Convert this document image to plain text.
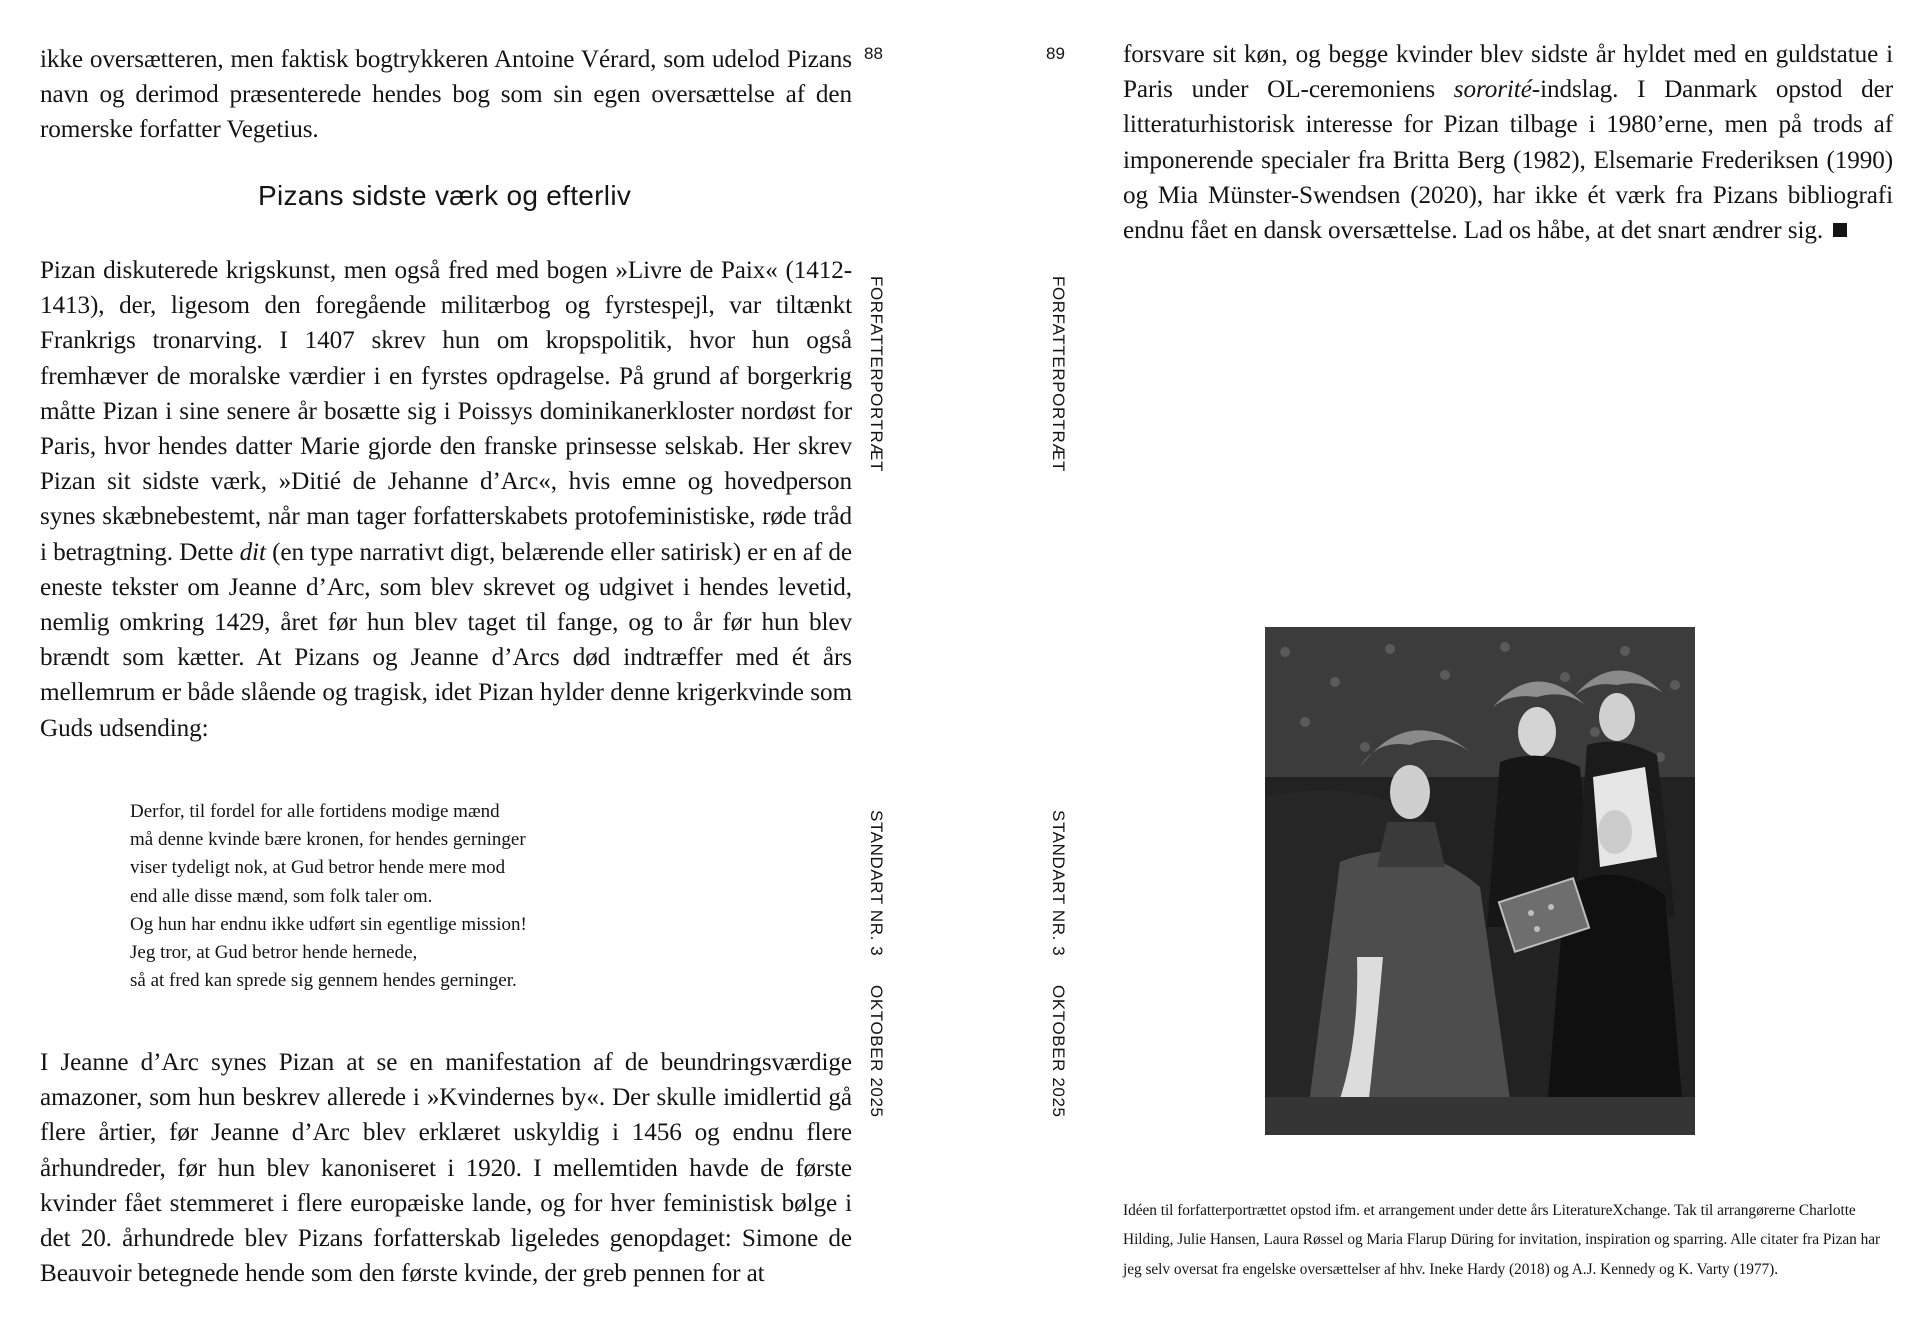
ikke oversætteren, men faktisk bogtrykkeren Antoine Vérard, som udelod Pizans navn og derimod præsenterede hendes bog som sin egen oversættelse af den romerske forfatter Vegetius.

Pizans sidste værk og efterliv

Pizan diskuterede krigskunst, men også fred med bogen »Livre de Paix« (1412-1413), der, ligesom den foregående militærbog og fyrstespejl, var tiltænkt Frankrigs tronarving. I 1407 skrev hun om kropspolitik, hvor hun også fremhæver de moralske værdier i en fyrstes opdragelse. På grund af borgerkrig måtte Pizan i sine senere år bosætte sig i Poissys dominikanerkloster nordøst for Paris, hvor hendes datter Marie gjorde den franske prinsesse selskab. Her skrev Pizan sit sidste værk, »Ditié de Jehanne d’Arc«, hvis emne og hovedperson synes skæbnebestemt, når man tager forfatterskabets protofeministiske, røde tråd i betragtning. Dette dit (en type narrativt digt, belærende eller satirisk) er en af de eneste tekster om Jeanne d’Arc, som blev skrevet og udgivet i hendes levetid, nemlig omkring 1429, året før hun blev taget til fange, og to år før hun blev brændt som kætter. At Pizans og Jeanne d’Arcs død indtræffer med ét års mellemrum er både slående og tragisk, idet Pizan hylder denne krigerkvinde som Guds udsending:

Derfor, til fordel for alle fortidens modige mænd
må denne kvinde bære kronen, for hendes gerninger
viser tydeligt nok, at Gud betror hende mere mod
end alle disse mænd, som folk taler om.
Og hun har endnu ikke udført sin egentlige mission!
Jeg tror, at Gud betror hende hernede,
så at fred kan sprede sig gennem hendes gerninger.

I Jeanne d’Arc synes Pizan at se en manifestation af de beundringsværdige amazoner, som hun beskrev allerede i »Kvindernes by«. Der skulle imidlertid gå flere årtier, før Jeanne d’Arc blev erklæret uskyldig i 1456 og endnu flere århundreder, før hun blev kanoniseret i 1920. I mellemtiden havde de første kvinder fået stemmeret i flere europæiske lande, og for hver feministisk bølge i det 20. århundrede blev Pizans forfatterskab ligeledes genopdaget: Simone de Beauvoir betegnede hende som den første kvinde, der greb pennen for at

88
FORFATTERPORTRÆT
STANDART NR. 3
OKTOBER 2025
89
FORFATTERPORTRÆT
STANDART NR. 3
OKTOBER 2025

forsvare sit køn, og begge kvinder blev sidste år hyldet med en guldstatue i Paris under OL-ceremoniens sororité-indslag. I Danmark opstod der litteraturhistorisk interesse for Pizan tilbage i 1980’erne, men på trods af imponerende specialer fra Britta Berg (1982), Elsemarie Frederiksen (1990) og Mia Münster-Swendsen (2020), har ikke ét værk fra Pizans bibliografi endnu fået en dansk oversættelse. Lad os håbe, at det snart ændrer sig.

Idéen til forfatterportrættet opstod ifm. et arrangement under dette års LiteratureXchange. Tak til arrangørerne Charlotte Hilding, Julie Hansen, Laura Røssel og Maria Flarup Düring for invitation, inspiration og sparring. Alle citater fra Pizan har jeg selv oversat fra engelske oversættelser af hhv. Ineke Hardy (2018) og A.J. Kennedy og K. Varty (1977).
